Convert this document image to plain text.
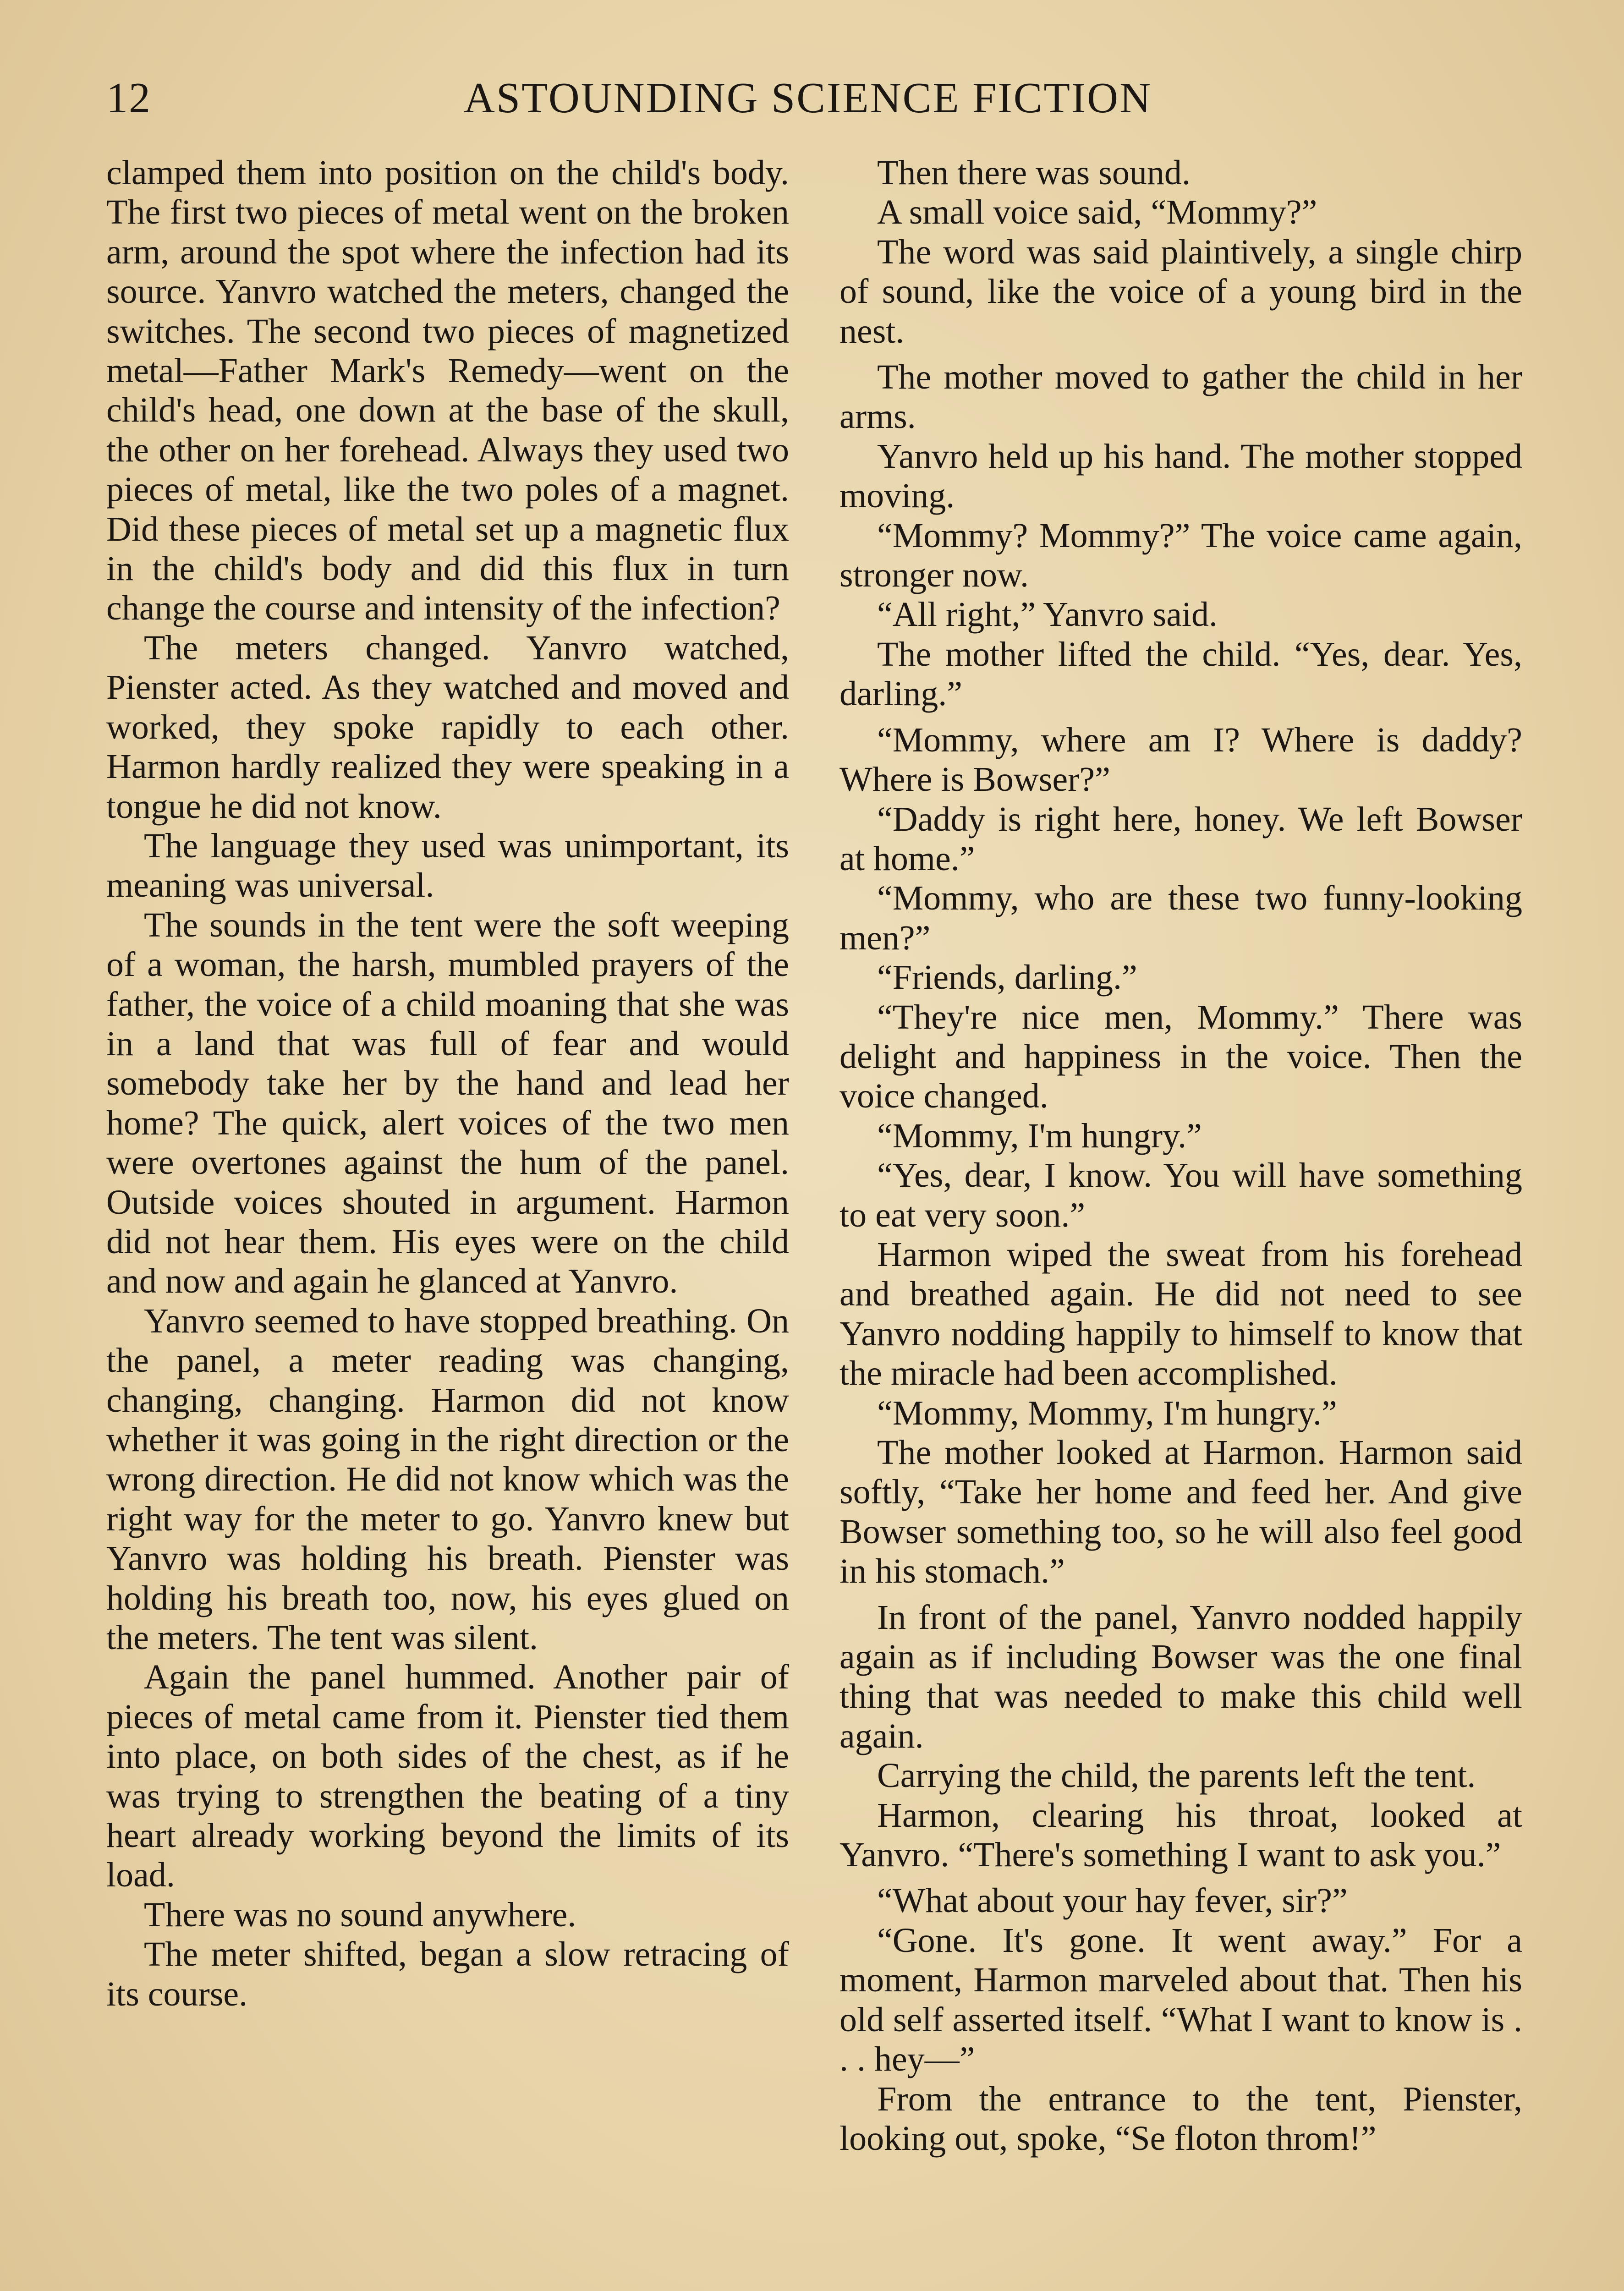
12	ASTOUNDING SCIENCE FICTION

clamped them into position on the child's body. The first two pieces of metal went on the broken arm, around the spot where the infection had its source. Yanvro watched the meters, changed the switches. The second two pieces of magnetized metal—Father Mark's Remedy—went on the child's head, one down at the base of the skull, the other on her forehead. Always they used two pieces of metal, like the two poles of a magnet. Did these pieces of metal set up a magnetic flux in the child's body and did this flux in turn change the course and intensity of the infection?

The meters changed. Yanvro watched, Pienster acted. As they watched and moved and worked, they spoke rapidly to each other. Harmon hardly realized they were speaking in a tongue he did not know.

The language they used was unimportant, its meaning was universal.

The sounds in the tent were the soft weeping of a woman, the harsh, mumbled prayers of the father, the voice of a child moaning that she was in a land that was full of fear and would somebody take her by the hand and lead her home? The quick, alert voices of the two men were overtones against the hum of the panel. Outside voices shouted in argument. Harmon did not hear them. His eyes were on the child and now and again he glanced at Yanvro.

Yanvro seemed to have stopped breathing. On the panel, a meter reading was changing, changing, changing. Harmon did not know whether it was going in the right direction or the wrong direction. He did not know which was the right way for the meter to go. Yanvro knew but Yanvro was holding his breath. Pienster was holding his breath too, now, his eyes glued on the meters. The tent was silent.

Again the panel hummed. Another pair of pieces of metal came from it. Pienster tied them into place, on both sides of the chest, as if he was trying to strengthen the beating of a tiny heart already working beyond the limits of its load.

There was no sound anywhere.

The meter shifted, began a slow retracing of its course.

Then there was sound.

A small voice said, “Mommy?”

The word was said plaintively, a single chirp of sound, like the voice of a young bird in the nest.

The mother moved to gather the child in her arms.

Yanvro held up his hand. The mother stopped moving.

“Mommy? Mommy?” The voice came again, stronger now.

“All right,” Yanvro said.

The mother lifted the child. “Yes, dear. Yes, darling.”

“Mommy, where am I? Where is daddy? Where is Bowser?”

“Daddy is right here, honey. We left Bowser at home.”

“Mommy, who are these two funny-looking men?”

“Friends, darling.”

“They're nice men, Mommy.” There was delight and happiness in the voice. Then the voice changed.

“Mommy, I'm hungry.”

“Yes, dear, I know. You will have something to eat very soon.”

Harmon wiped the sweat from his forehead and breathed again. He did not need to see Yanvro nodding happily to himself to know that the miracle had been accomplished.

“Mommy, Mommy, I'm hungry.”

The mother looked at Harmon. Harmon said softly, “Take her home and feed her. And give Bowser something too, so he will also feel good in his stomach.”

In front of the panel, Yanvro nodded happily again as if including Bowser was the one final thing that was needed to make this child well again.

Carrying the child, the parents left the tent.

Harmon, clearing his throat, looked at Yanvro. “There's something I want to ask you.”

“What about your hay fever, sir?”

“Gone. It's gone. It went away.” For a moment, Harmon marveled about that. Then his old self asserted itself. “What I want to know is . . . hey—”

From the entrance to the tent, Pienster, looking out, spoke, “Se floton throm!”
